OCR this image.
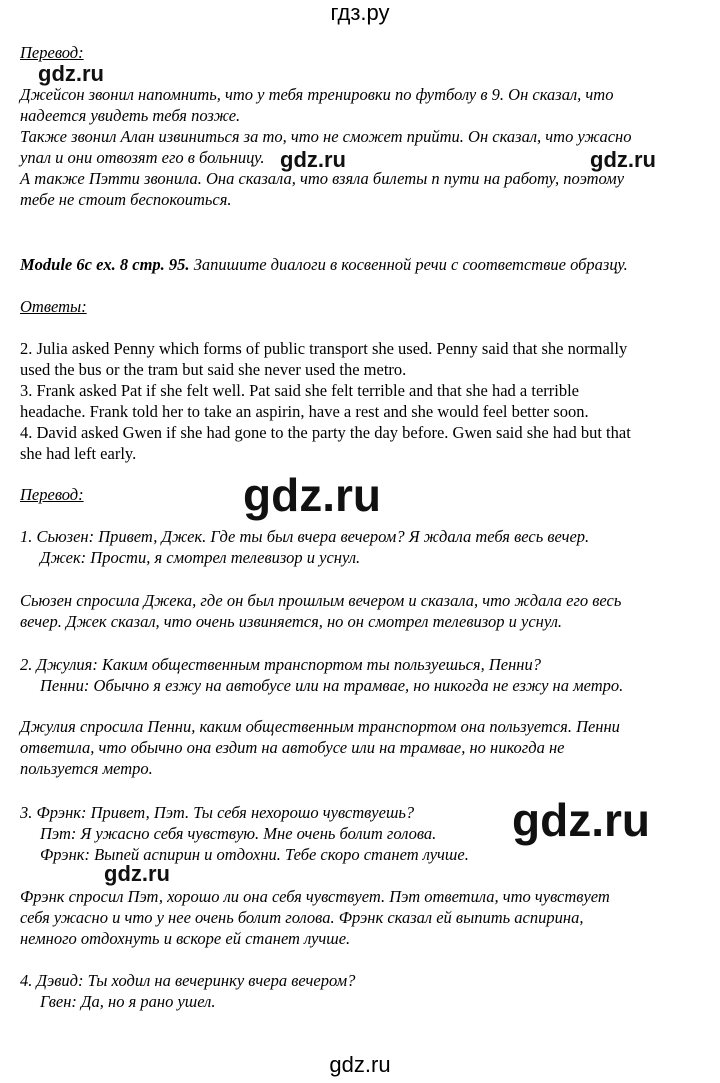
гдз.ру
gdz.ru
gdz.ru
gdz.ru	gdz.ru
gdz.ru
gdz.ru
gdz.ru
Перевод:
Джейсон звонил напомнить, что у тебя тренировки по футболу в 9. Он сказал, что
надеется увидеть тебя позже.
Также звонил Алан извиниться за то, что не сможет прийти. Он сказал, что ужасно
упал и они отвозят его в больницу.
А также Пэтти звонила. Она сказала, что взяла билеты п пути на работу, поэтому
тебе не стоит беспокоиться.
Module 6c ex. 8 стр. 95. Запишите диалоги в косвенной речи с соответствие образцу.
Ответы:
2. Julia asked Penny which forms of public transport she used. Penny said that she normally
used the bus or the tram but said she never used the metro.
3. Frank asked Pat if she felt well. Pat said she felt terrible and that she had a terrible
headache. Frank told her to take an aspirin, have a rest and she would feel better soon.
4. David asked Gwen if she had gone to the party the day before. Gwen said she had but that
she had left early.
Перевод:
1. Сьюзен: Привет, Джек. Где ты был вчера вечером? Я ждала тебя весь вечер.
Джек: Прости, я смотрел телевизор и уснул.
Сьюзен спросила Джека, где он был прошлым вечером и сказала, что ждала его весь
вечер. Джек сказал, что очень извиняется, но он смотрел телевизор и уснул.
2. Джулия: Каким общественным транспортом ты пользуешься, Пенни?
Пенни: Обычно я езжу на автобусе или на трамвае, но никогда не езжу на метро.
Джулия спросила Пенни, каким общественным транспортом она пользуется. Пенни
ответила, что обычно она ездит на автобусе или на трамвае, но никогда не
пользуется метро.
3. Фрэнк: Привет, Пэт. Ты себя нехорошо чувствуешь?
Пэт: Я ужасно себя чувствую. Мне очень болит голова.
Фрэнк: Выпей аспирин и отдохни. Тебе скоро станет лучше.
Фрэнк спросил Пэт, хорошо ли она себя чувствует. Пэт ответила, что чувствует
себя ужасно и что у нее очень болит голова. Фрэнк сказал ей выпить аспирина,
немного отдохнуть и вскоре ей станет лучше.
4. Дэвид: Ты ходил на вечеринку вчера вечером?
Гвен: Да, но я рано ушел.
